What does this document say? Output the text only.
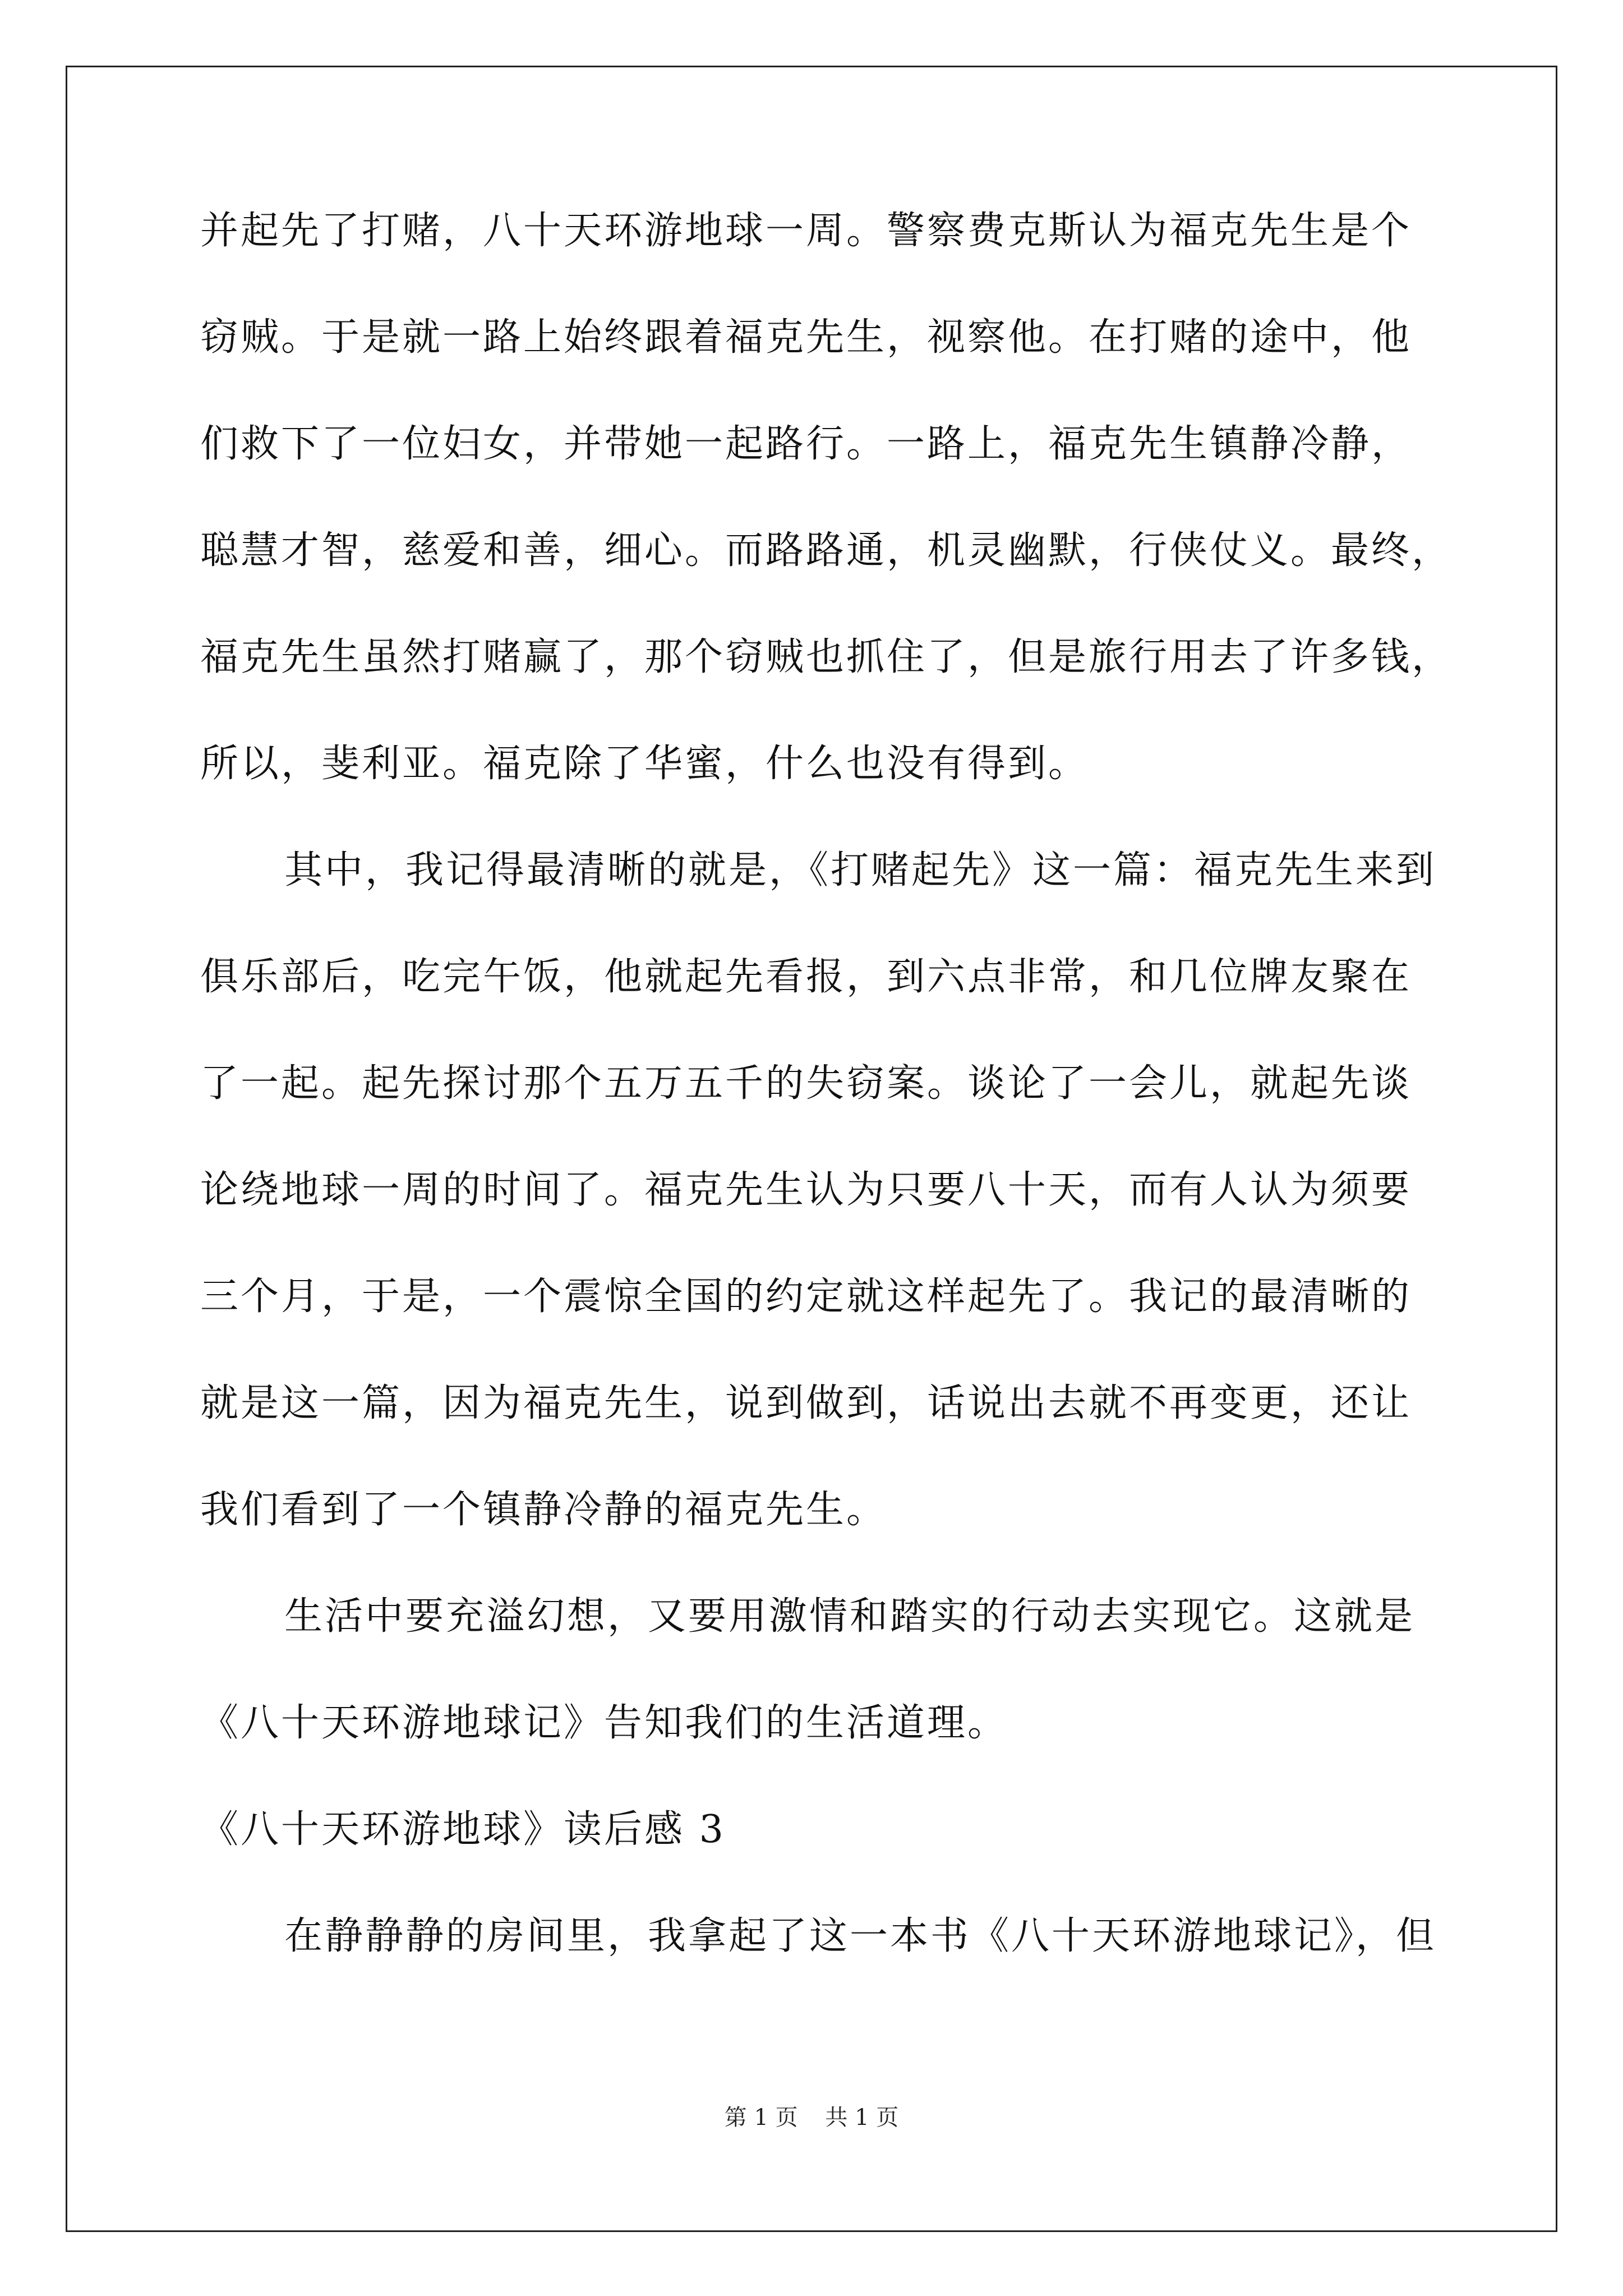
并起先了打赌，八十天环游地球一周。警察费克斯认为福克先生是个
窃贼。于是就一路上始终跟着福克先生，视察他。在打赌的途中，他
们救下了一位妇女，并带她一起路行。一路上，福克先生镇静冷静，
聪慧才智，慈爱和善，细心。而路路通，机灵幽默，行侠仗义。最终，
福克先生虽然打赌赢了，那个窃贼也抓住了，但是旅行用去了许多钱，
所以，斐利亚。福克除了华蜜，什么也没有得到。
其中，我记得最清晰的就是，《打赌起先》这一篇：福克先生来到
俱乐部后，吃完午饭，他就起先看报，到六点非常，和几位牌友聚在
了一起。起先探讨那个五万五千的失窃案。谈论了一会儿，就起先谈
论绕地球一周的时间了。福克先生认为只要八十天，而有人认为须要
三个月，于是，一个震惊全国的约定就这样起先了。我记的最清晰的
就是这一篇，因为福克先生，说到做到，话说出去就不再变更，还让
我们看到了一个镇静冷静的福克先生。
生活中要充溢幻想，又要用激情和踏实的行动去实现它。这就是
《八十天环游地球记》告知我们的生活道理。
《八十天环游地球》读后感 3
在静静静的房间里，我拿起了这一本书《八十天环游地球记》，但
第 1 页 共 1 页
